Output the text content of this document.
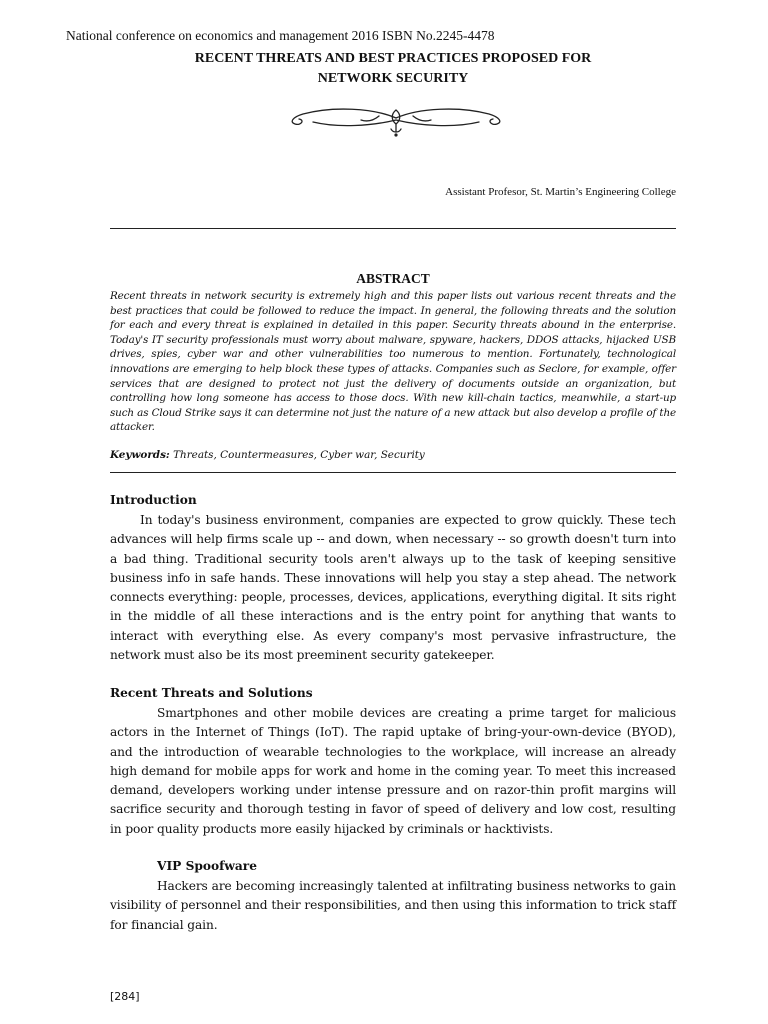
National conference on economics and management 2016 ISBN No.2245-4478
RECENT THREATS AND BEST PRACTICES PROPOSED FOR
NETWORK SECURITY
Assistant Profesor, St. Martin’s Engineering College
ABSTRACT
Recent threats in network security is extremely high and this paper lists out various recent threats and the best practices that could be followed to reduce the impact. In general, the following threats and the solution for each and every threat is explained in detailed in this paper. Security threats abound in the enterprise. Today's IT security professionals must worry about malware, spyware, hackers, DDOS attacks, hijacked USB drives, spies, cyber war and other vulnerabilities too numerous to mention. Fortunately, technological innovations are emerging to help block these types of attacks. Companies such as Seclore, for example, offer services that are designed to protect not just the delivery of documents outside an organization, but controlling how long someone has access to those docs. With new kill-chain tactics, meanwhile, a start-up such as Cloud Strike says it can determine not just the nature of a new attack but also develop a profile of the attacker.
Keywords: Threats, Countermeasures, Cyber war, Security
Introduction
In today's business environment, companies are expected to grow quickly. These tech advances will help firms scale up -- and down, when necessary -- so growth doesn't turn into a bad thing. Traditional security tools aren't always up to the task of keeping sensitive business info in safe hands. These innovations will help you stay a step ahead. The network connects everything: people, processes, devices, applications, everything digital. It sits right in the middle of all these interactions and is the entry point for anything that wants to interact with everything else. As every company's most pervasive infrastructure, the network must also be its most preeminent security gatekeeper.
Recent Threats and Solutions
Smartphones and other mobile devices are creating a prime target for malicious actors in the Internet of Things (IoT). The rapid uptake of bring-your-own-device (BYOD), and the introduction of wearable technologies to the workplace, will increase an already high demand for mobile apps for work and home in the coming year. To meet this increased demand, developers working under intense pressure and on razor-thin profit margins will sacrifice security and thorough testing in favor of speed of delivery and low cost, resulting in poor quality products more easily hijacked by criminals or hacktivists.
VIP Spoofware
Hackers are becoming increasingly talented at infiltrating business networks to gain visibility of personnel and their responsibilities, and then using this information to trick staff for financial gain.
[284]
